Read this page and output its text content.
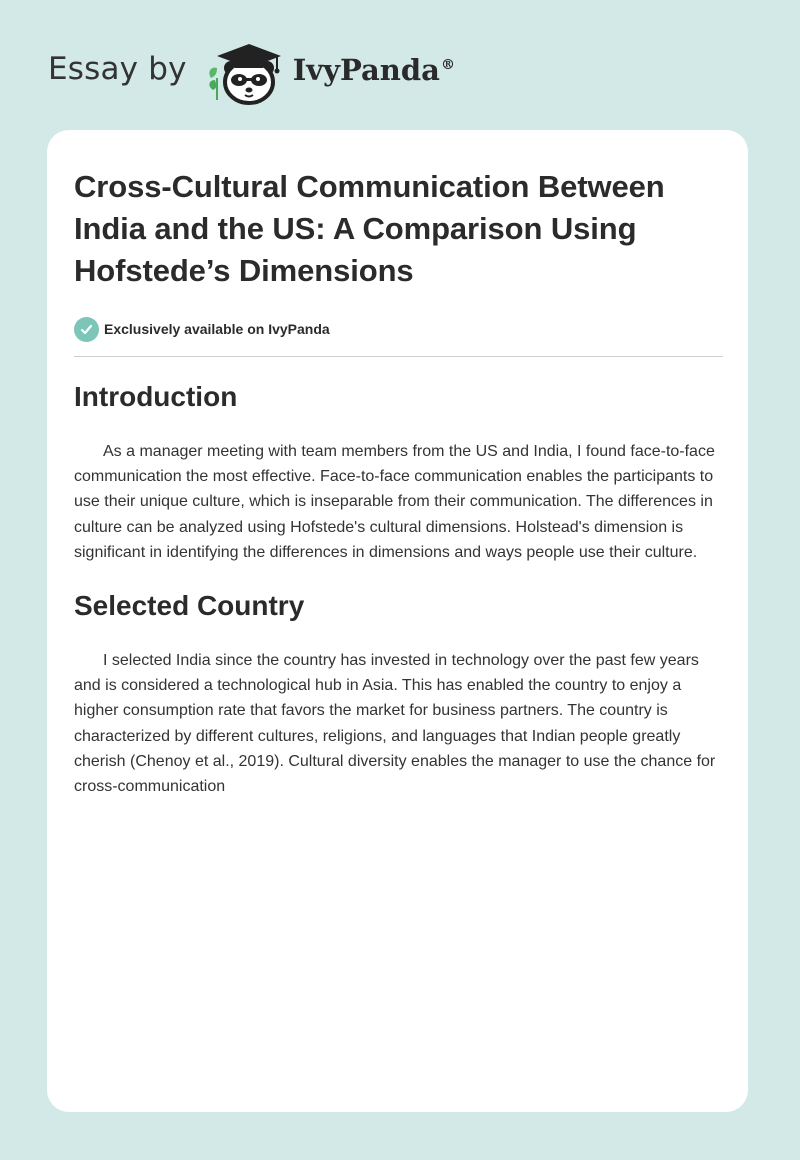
Essay by	IvyPanda®
Cross-Cultural Communication Between India and the US: A Comparison Using Hofstede’s Dimensions
Exclusively available on IvyPanda
Introduction

As a manager meeting with team members from the US and India, I found face-to-face communication the most effective. Face-to-face communication enables the participants to use their unique culture, which is inseparable from their communication. The differences in culture can be analyzed using Hofstede's cultural dimensions. Holstead's dimension is significant in identifying the differences in dimensions and ways people use their culture.

Selected Country

I selected India since the country has invested in technology over the past few years and is considered a technological hub in Asia. This has enabled the country to enjoy a higher consumption rate that favors the market for business partners. The country is characterized by different cultures, religions, and languages that Indian people greatly cherish (Chenoy et al., 2019). Cultural diversity enables the manager to use the chance for cross-communication
